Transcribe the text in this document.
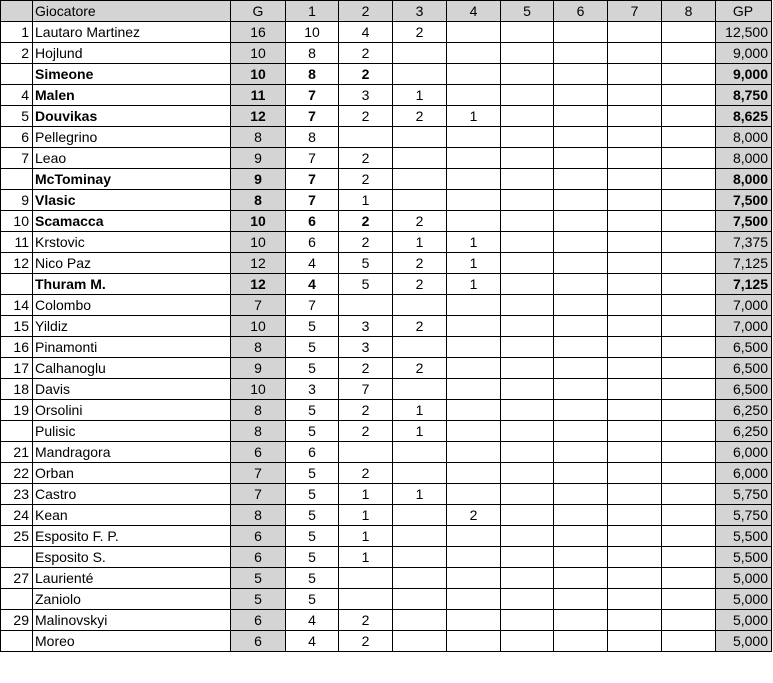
	Giocatore	G	1	2	3	4	5	6	7	8	GP
1	Lautaro Martinez	16	10	4	2						12,500
2	Hojlund	10	8	2							9,000
	Simeone	10	8	2							9,000
4	Malen	11	7	3	1						8,750
5	Douvikas	12	7	2	2	1					8,625
6	Pellegrino	8	8								8,000
7	Leao	9	7	2							8,000
	McTominay	9	7	2							8,000
9	Vlasic	8	7	1							7,500
10	Scamacca	10	6	2	2						7,500
11	Krstovic	10	6	2	1	1					7,375
12	Nico Paz	12	4	5	2	1					7,125
	Thuram M.	12	4	5	2	1					7,125
14	Colombo	7	7								7,000
15	Yildiz	10	5	3	2						7,000
16	Pinamonti	8	5	3							6,500
17	Calhanoglu	9	5	2	2						6,500
18	Davis	10	3	7							6,500
19	Orsolini	8	5	2	1						6,250
	Pulisic	8	5	2	1						6,250
21	Mandragora	6	6								6,000
22	Orban	7	5	2							6,000
23	Castro	7	5	1	1						5,750
24	Kean	8	5	1		2					5,750
25	Esposito F. P.	6	5	1							5,500
	Esposito S.	6	5	1							5,500
27	Laurienté	5	5								5,000
	Zaniolo	5	5								5,000
29	Malinovskyi	6	4	2							5,000
	Moreo	6	4	2							5,000
